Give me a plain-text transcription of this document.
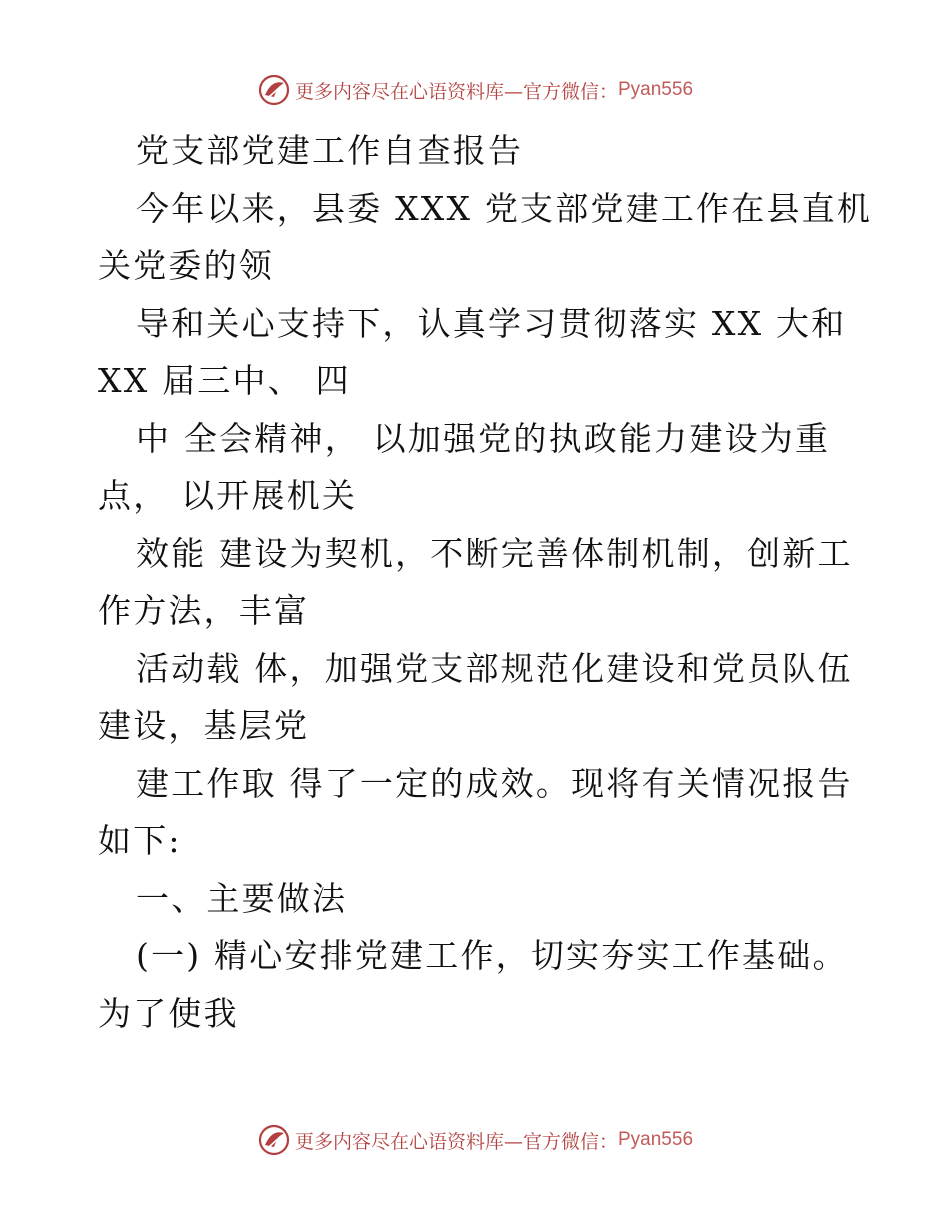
更多内容尽在心语资料库—官方微信： Pyan556
党支部党建工作自查报告
今年以来，县委 XXX 党支部党建工作在县直机
关党委的领
导和关心支持下，认真学习贯彻落实 XX 大和
XX 届三中、 四
中 全会精神， 以加强党的执政能力建设为重
点， 以开展机关
效能 建设为契机，不断完善体制机制，创新工
作方法，丰富
活动载 体，加强党支部规范化建设和党员队伍
建设，基层党
建工作取 得了一定的成效。现将有关情况报告
如下:
一、主要做法
(一) 精心安排党建工作，切实夯实工作基础。
为了使我
更多内容尽在心语资料库—官方微信： Pyan556
